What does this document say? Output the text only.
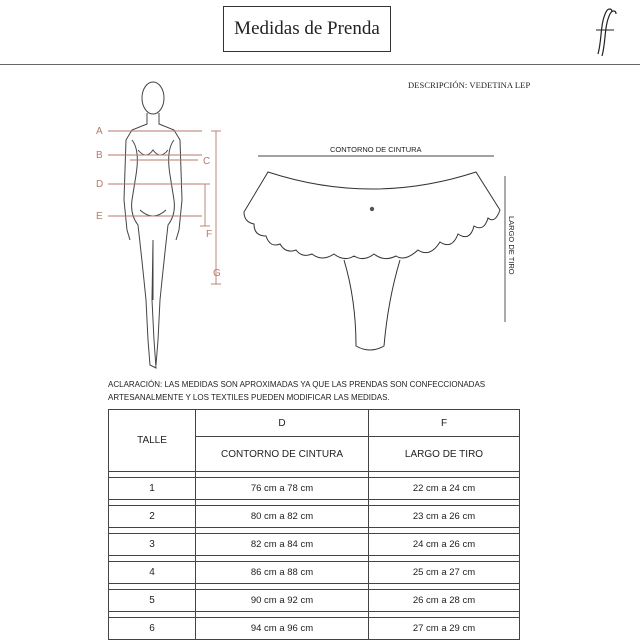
Medidas de Prenda
DESCRIPCIÓN: VEDETINA LEP
A
B
C
D
E
F
G
CONTORNO DE CINTURA
LARGO DE TIRO
ACLARACIÓN: LAS MEDIDAS SON APROXIMADAS YA QUE LAS PRENDAS SON CONFECCIONADAS
ARTESANALMENTE Y LOS TEXTILES PUEDEN MODIFICAR LAS MEDIDAS.
TALLE	D	F
	CONTORNO DE CINTURA	LARGO DE TIRO

1	76 cm a 78 cm	22 cm a 24 cm

2	80 cm a 82 cm	23 cm a 26 cm

3	82 cm a 84 cm	24 cm a 26 cm

4	86 cm a 88 cm	25 cm a 27 cm

5	90 cm a 92 cm	26 cm a 28 cm

6	94 cm a 96 cm	27 cm a 29 cm
